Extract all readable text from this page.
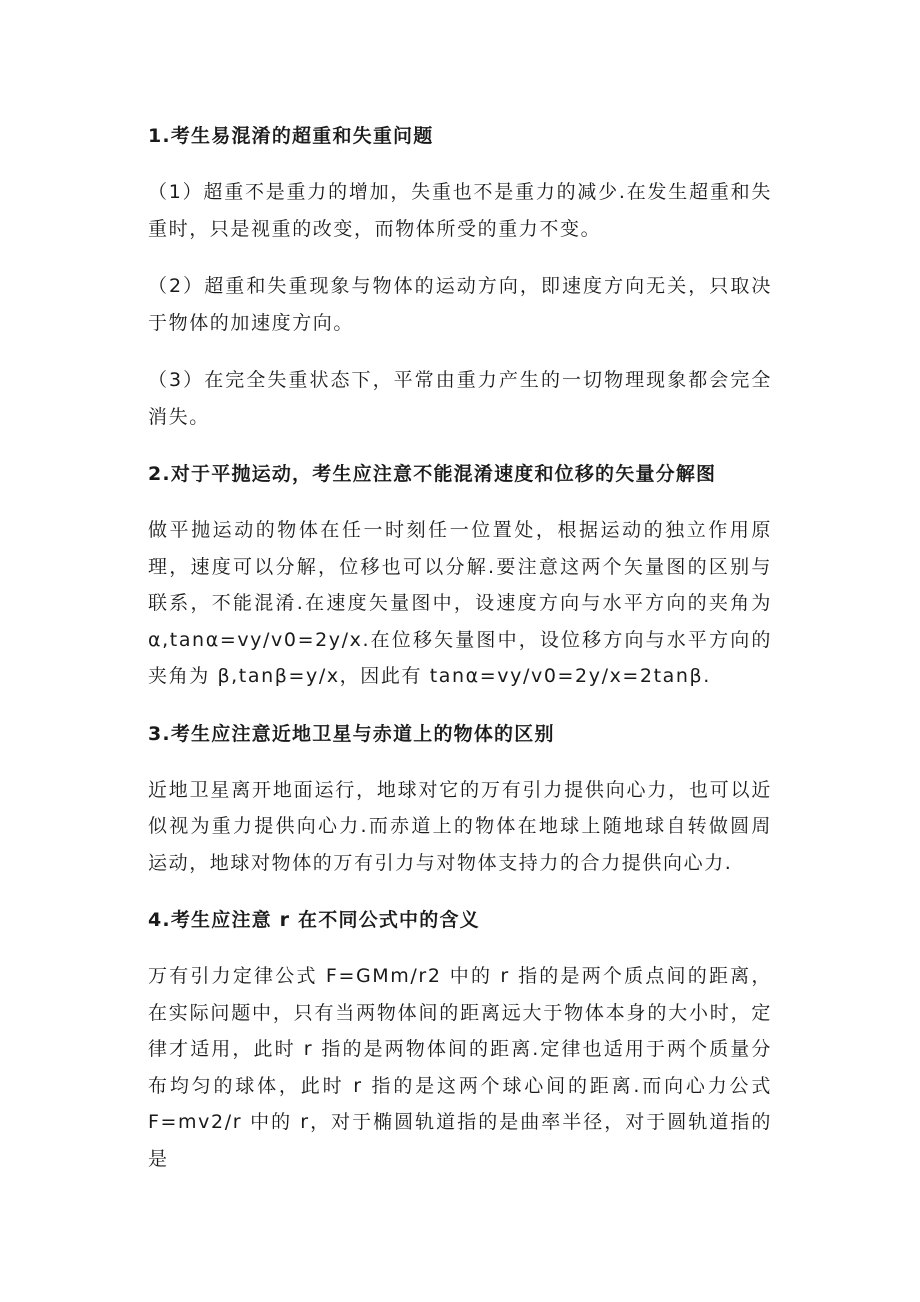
1.考生易混淆的超重和失重问题

（1）超重不是重力的增加，失重也不是重力的减少.在发生超重和失重时，只是视重的改变，而物体所受的重力不变。

（2）超重和失重现象与物体的运动方向，即速度方向无关，只取决于物体的加速度方向。

（3）在完全失重状态下，平常由重力产生的一切物理现象都会完全消失。

2.对于平抛运动，考生应注意不能混淆速度和位移的矢量分解图

做平抛运动的物体在任一时刻任一位置处，根据运动的独立作用原理，速度可以分解，位移也可以分解.要注意这两个矢量图的区别与联系，不能混淆.在速度矢量图中，设速度方向与水平方向的夹角为α,tanα=vy/v0=2y/x.在位移矢量图中，设位移方向与水平方向的夹角为 β,tanβ=y/x，因此有 tanα=vy/v0=2y/x=2tanβ.

3.考生应注意近地卫星与赤道上的物体的区别

近地卫星离开地面运行，地球对它的万有引力提供向心力，也可以近似视为重力提供向心力.而赤道上的物体在地球上随地球自转做圆周运动，地球对物体的万有引力与对物体支持力的合力提供向心力.

4.考生应注意 r 在不同公式中的含义

万有引力定律公式 F=GMm/r2 中的 r 指的是两个质点间的距离，在实际问题中，只有当两物体间的距离远大于物体本身的大小时，定律才适用，此时 r 指的是两物体间的距离.定律也适用于两个质量分布均匀的球体，此时 r 指的是这两个球心间的距离.而向心力公式 F=mv2/r 中的 r，对于椭圆轨道指的是曲率半径，对于圆轨道指的是
